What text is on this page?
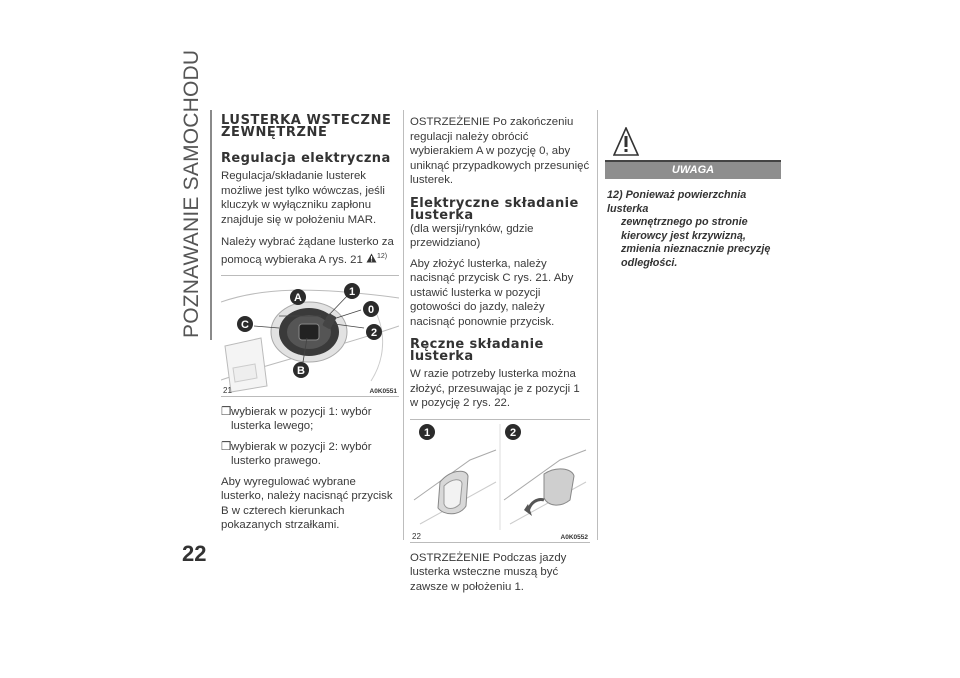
POZNAWANIE SAMOCHODU LUSTERKA WSTECZNE ZEWNĘTRZNE
Regulacja elektryczna

Regulacja/składanie lusterek możliwe jest tylko wówczas, jeśli kluczyk w wyłączniku zapłonu znajduje się w położeniu MAR.

Należy wybrać żądane lusterko za pomocą wybieraka A rys. 21 $^{12)}$

A	1
0
2
C
B
21	A0K0551
❒ wybierak w pozycji 1: wybór lusterka lewego;
❒ wybierak w pozycji 2: wybór lusterko prawego.

Aby wyregulować wybrane lusterko, należy nacisnąć przycisk B w czterech kierunkach pokazanych strzałkami.

OSTRZEŻENIE Po zakończeniu regulacji należy obrócić wybierakiem A w pozycję 0, aby uniknąć przypadkowych przesunięć lusterek.

Elektryczne składanie lusterka

(dla wersji/rynków, gdzie przewidziano)

Aby złożyć lusterka, należy nacisnąć przycisk C rys. 21. Aby ustawić lusterka w pozycji gotowości do jazdy, należy nacisnąć ponownie przycisk.

Ręczne składanie lusterka

W razie potrzeby lusterka można złożyć, przesuwając je z pozycji 1 w pozycję 2 rys. 22.

1	2
22	A0K0552

OSTRZEŻENIE Podczas jazdy lusterka wsteczne muszą być zawsze w położeniu 1.

UWAGA
12) Ponieważ powierzchnia lusterka
zewnętrznego po stronie kierowcy jest krzywizną, zmienia nieznacznie precyzję odległości.
22
